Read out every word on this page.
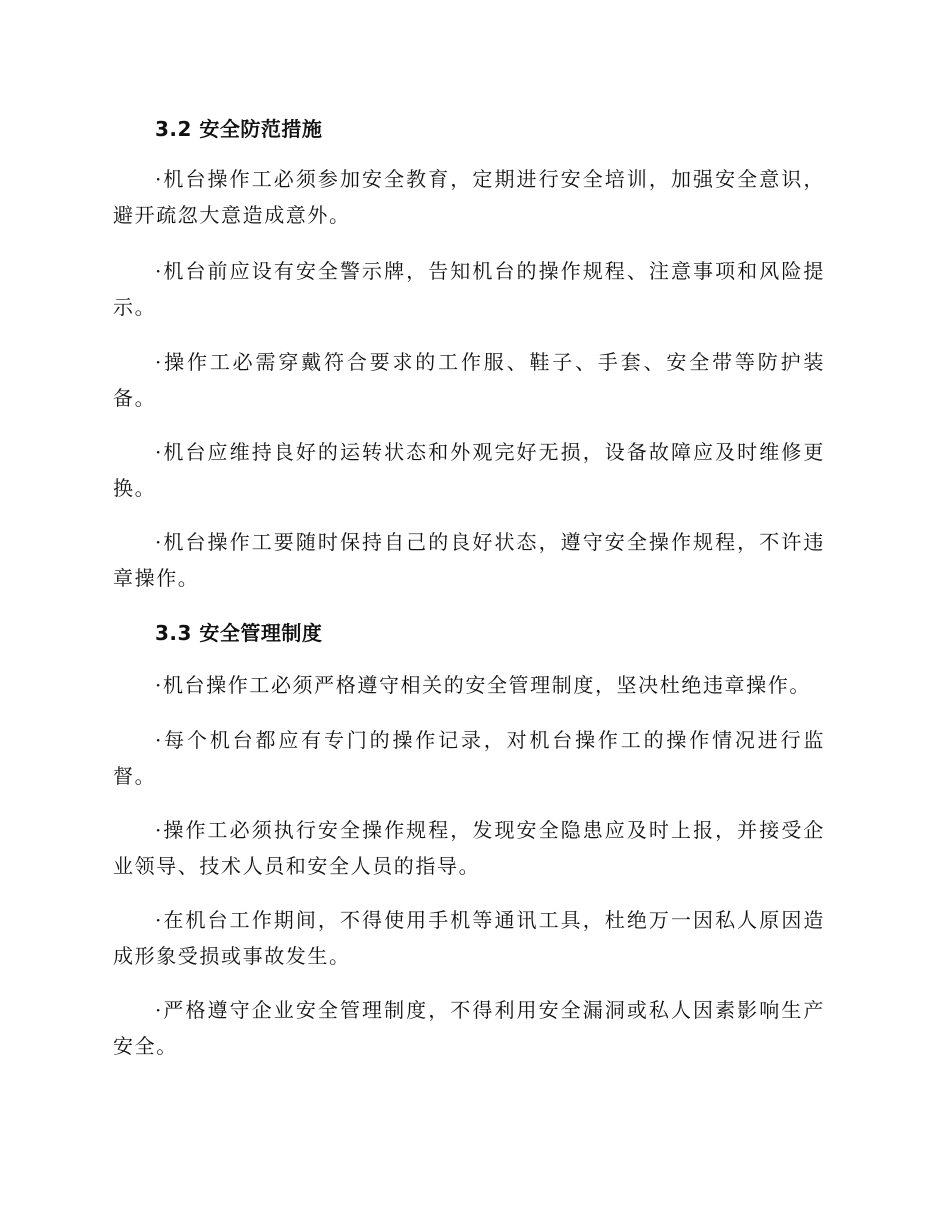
3.2 安全防范措施

·机台操作工必须参加安全教育，定期进行安全培训，加强安全意识，避开疏忽大意造成意外。

·机台前应设有安全警示牌，告知机台的操作规程、注意事项和风险提示。

·操作工必需穿戴符合要求的工作服、鞋子、手套、安全带等防护装备。

·机台应维持良好的运转状态和外观完好无损，设备故障应及时维修更换。

·机台操作工要随时保持自己的良好状态，遵守安全操作规程，不许违章操作。

3.3 安全管理制度

·机台操作工必须严格遵守相关的安全管理制度，坚决杜绝违章操作。

·每个机台都应有专门的操作记录，对机台操作工的操作情况进行监督。

·操作工必须执行安全操作规程，发现安全隐患应及时上报，并接受企业领导、技术人员和安全人员的指导。

·在机台工作期间，不得使用手机等通讯工具，杜绝万一因私人原因造成形象受损或事故发生。

·严格遵守企业安全管理制度，不得利用安全漏洞或私人因素影响生产安全。
